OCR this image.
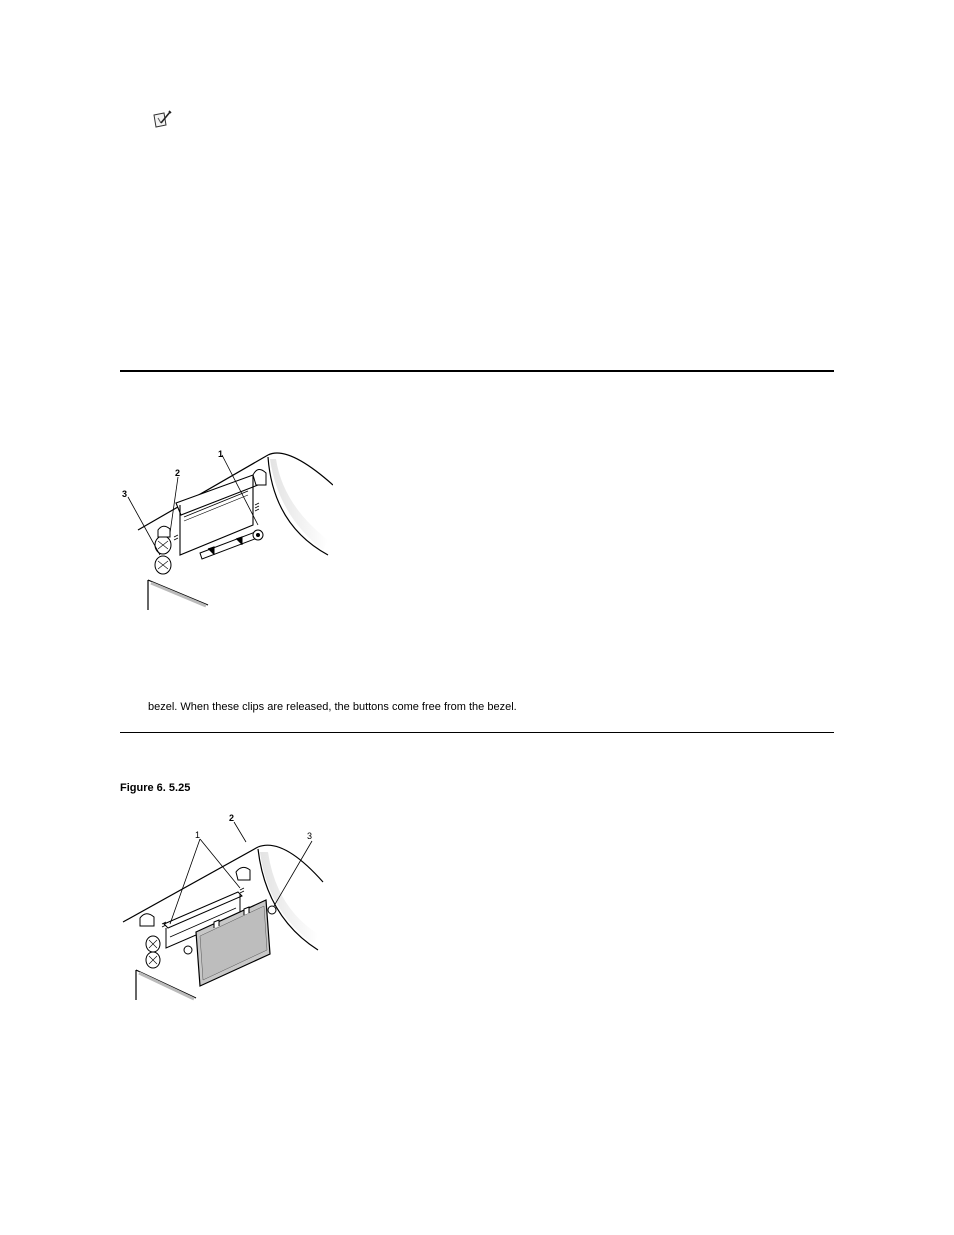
1
2
3
bezel. When these clips are released, the buttons come free from the bezel.
Figure 6. 5.25
1
2
3
